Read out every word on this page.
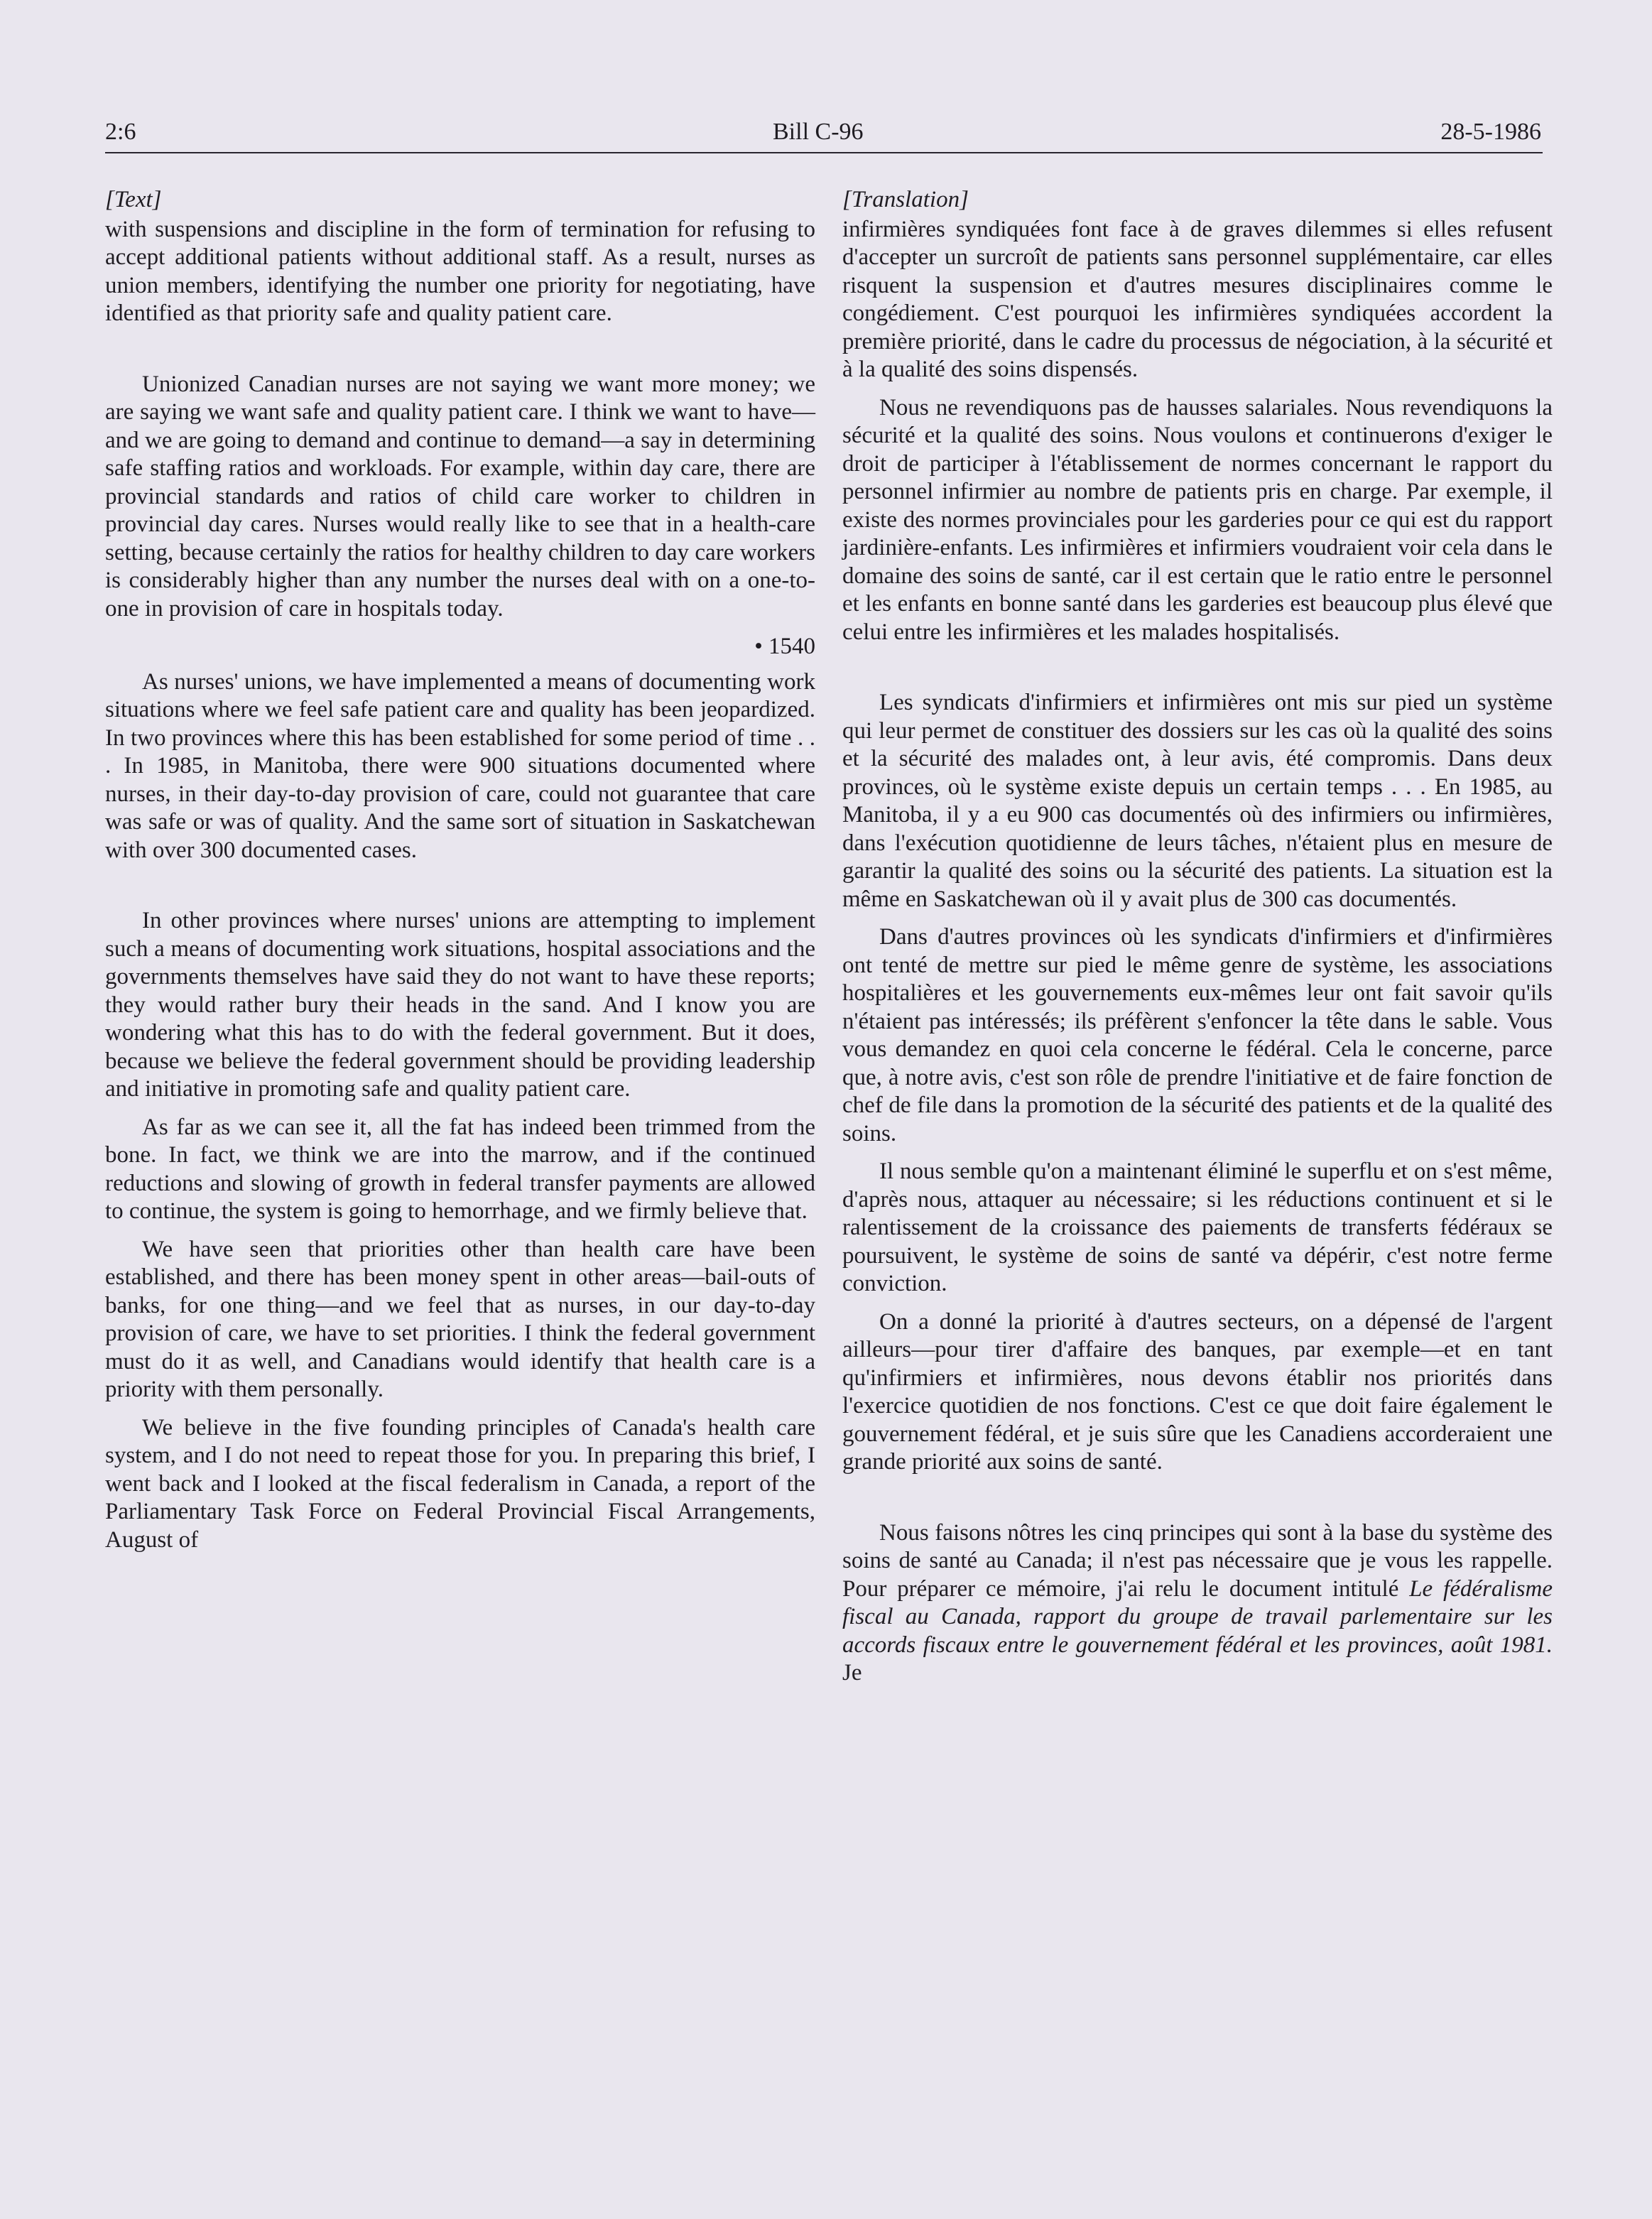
2:6	Bill C-96	28-5-1986
[Text]

with suspensions and discipline in the form of termination for refusing to accept additional patients without additional staff. As a result, nurses as union members, identifying the number one priority for negotiating, have identified as that priority safe and quality patient care.

Unionized Canadian nurses are not saying we want more money; we are saying we want safe and quality patient care. I think we want to have—and we are going to demand and continue to demand—a say in determining safe staffing ratios and workloads. For example, within day care, there are provincial standards and ratios of child care worker to children in provincial day cares. Nurses would really like to see that in a health-care setting, because certainly the ratios for healthy children to day care workers is considerably higher than any number the nurses deal with on a one-to-one in provision of care in hospitals today.

• 1540

As nurses' unions, we have implemented a means of documenting work situations where we feel safe patient care and quality has been jeopardized. In two provinces where this has been established for some period of time . . . In 1985, in Manitoba, there were 900 situations documented where nurses, in their day-to-day provision of care, could not guarantee that care was safe or was of quality. And the same sort of situation in Saskatchewan with over 300 documented cases.

In other provinces where nurses' unions are attempting to implement such a means of documenting work situations, hospital associations and the governments themselves have said they do not want to have these reports; they would rather bury their heads in the sand. And I know you are wondering what this has to do with the federal government. But it does, because we believe the federal government should be providing leadership and initiative in promoting safe and quality patient care.

As far as we can see it, all the fat has indeed been trimmed from the bone. In fact, we think we are into the marrow, and if the continued reductions and slowing of growth in federal transfer payments are allowed to continue, the system is going to hemorrhage, and we firmly believe that.

We have seen that priorities other than health care have been established, and there has been money spent in other areas—bail-outs of banks, for one thing—and we feel that as nurses, in our day-to-day provision of care, we have to set priorities. I think the federal government must do it as well, and Canadians would identify that health care is a priority with them personally.

We believe in the five founding principles of Canada's health care system, and I do not need to repeat those for you. In preparing this brief, I went back and I looked at the fiscal federalism in Canada, a report of the Parliamentary Task Force on Federal Provincial Fiscal Arrangements, August of

[Translation]

infirmières syndiquées font face à de graves dilemmes si elles refusent d'accepter un surcroît de patients sans personnel supplémentaire, car elles risquent la suspension et d'autres mesures disciplinaires comme le congédiement. C'est pourquoi les infirmières syndiquées accordent la première priorité, dans le cadre du processus de négociation, à la sécurité et à la qualité des soins dispensés.

Nous ne revendiquons pas de hausses salariales. Nous revendiquons la sécurité et la qualité des soins. Nous voulons et continuerons d'exiger le droit de participer à l'établissement de normes concernant le rapport du personnel infirmier au nombre de patients pris en charge. Par exemple, il existe des normes provinciales pour les garderies pour ce qui est du rapport jardinière-enfants. Les infirmières et infirmiers voudraient voir cela dans le domaine des soins de santé, car il est certain que le ratio entre le personnel et les enfants en bonne santé dans les garderies est beaucoup plus élevé que celui entre les infirmières et les malades hospitalisés.

Les syndicats d'infirmiers et infirmières ont mis sur pied un système qui leur permet de constituer des dossiers sur les cas où la qualité des soins et la sécurité des malades ont, à leur avis, été compromis. Dans deux provinces, où le système existe depuis un certain temps . . . En 1985, au Manitoba, il y a eu 900 cas documentés où des infirmiers ou infirmières, dans l'exécution quotidienne de leurs tâches, n'étaient plus en mesure de garantir la qualité des soins ou la sécurité des patients. La situation est la même en Saskatchewan où il y avait plus de 300 cas documentés.

Dans d'autres provinces où les syndicats d'infirmiers et d'infirmières ont tenté de mettre sur pied le même genre de système, les associations hospitalières et les gouvernements eux-mêmes leur ont fait savoir qu'ils n'étaient pas intéressés; ils préfèrent s'enfoncer la tête dans le sable. Vous vous demandez en quoi cela concerne le fédéral. Cela le concerne, parce que, à notre avis, c'est son rôle de prendre l'initiative et de faire fonction de chef de file dans la promotion de la sécurité des patients et de la qualité des soins.

Il nous semble qu'on a maintenant éliminé le superflu et on s'est même, d'après nous, attaquer au nécessaire; si les réductions continuent et si le ralentissement de la croissance des paiements de transferts fédéraux se poursuivent, le système de soins de santé va dépérir, c'est notre ferme conviction.

On a donné la priorité à d'autres secteurs, on a dépensé de l'argent ailleurs—pour tirer d'affaire des banques, par exemple—et en tant qu'infirmiers et infirmières, nous devons établir nos priorités dans l'exercice quotidien de nos fonctions. C'est ce que doit faire également le gouvernement fédéral, et je suis sûre que les Canadiens accorderaient une grande priorité aux soins de santé.

Nous faisons nôtres les cinq principes qui sont à la base du système des soins de santé au Canada; il n'est pas nécessaire que je vous les rappelle. Pour préparer ce mémoire, j'ai relu le document intitulé Le fédéralisme fiscal au Canada, rapport du groupe de travail parlementaire sur les accords fiscaux entre le gouvernement fédéral et les provinces, août 1981. Je
